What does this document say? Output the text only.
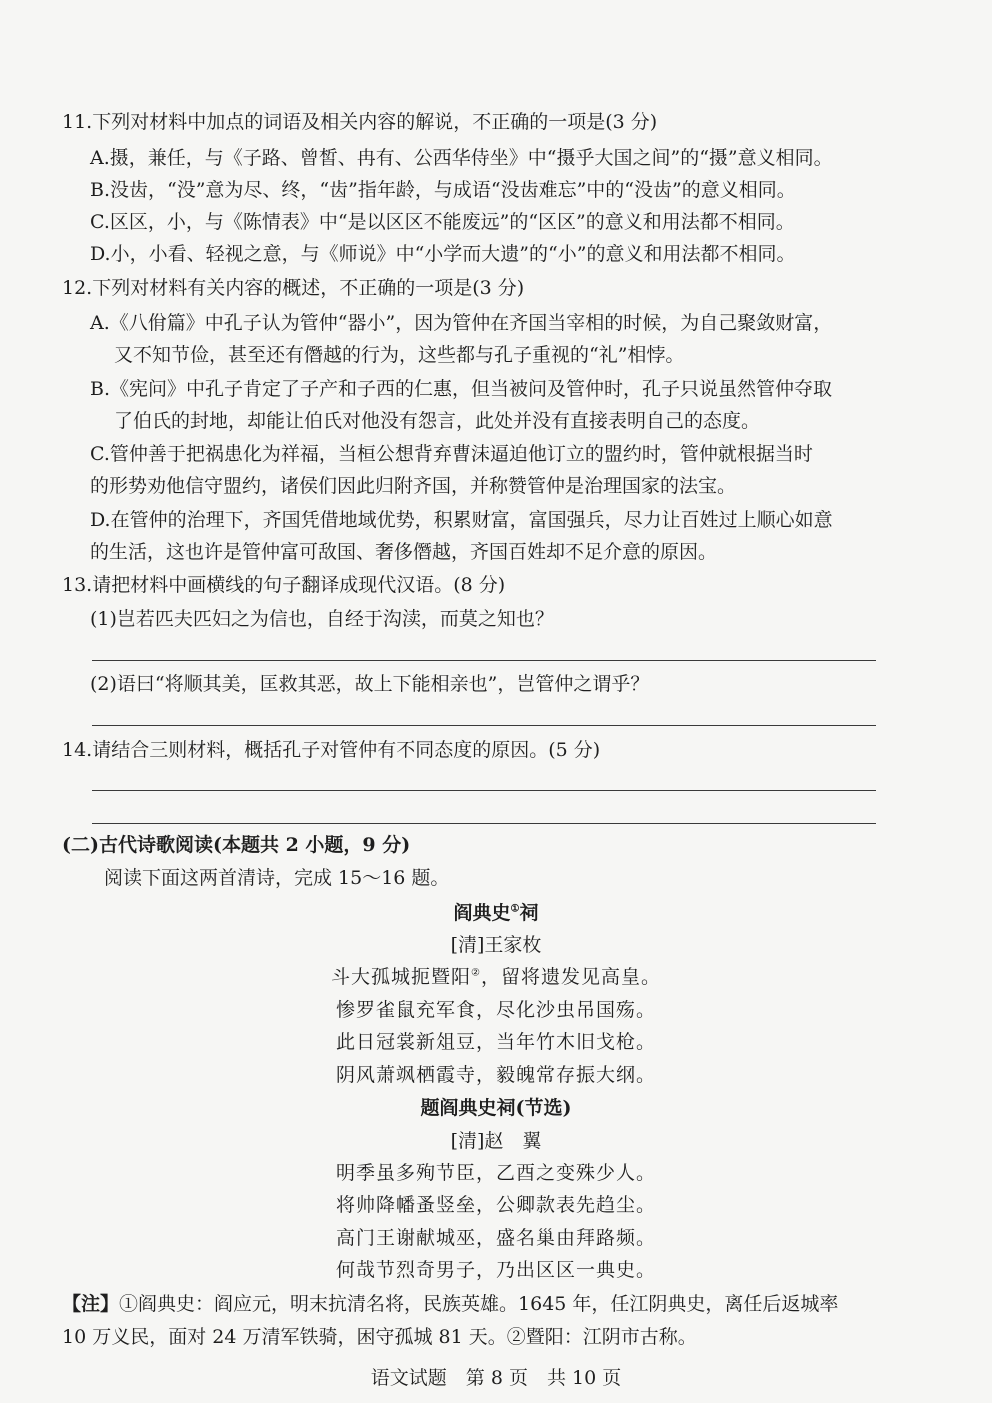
11.下列对材料中加点的词语及相关内容的解说，不正确的一项是(3 分)
A.摄，兼任，与《子路、曾皙、冉有、公西华侍坐》中“摄乎大国之间”的“摄”意义相同。
B.没齿，“没”意为尽、终，“齿”指年龄，与成语“没齿难忘”中的“没齿”的意义相同。
C.区区，小，与《陈情表》中“是以区区不能废远”的“区区”的意义和用法都不相同。
D.小，小看、轻视之意，与《师说》中“小学而大遗”的“小”的意义和用法都不相同。
12.下列对材料有关内容的概述，不正确的一项是(3 分)
A.《八佾篇》中孔子认为管仲“器小”，因为管仲在齐国当宰相的时候，为自己聚敛财富，
又不知节俭，甚至还有僭越的行为，这些都与孔子重视的“礼”相悖。
B.《宪问》中孔子肯定了子产和子西的仁惠，但当被问及管仲时，孔子只说虽然管仲夺取
了伯氏的封地，却能让伯氏对他没有怨言，此处并没有直接表明自己的态度。
C.管仲善于把祸患化为祥福，当桓公想背弃曹沫逼迫他订立的盟约时，管仲就根据当时
的形势劝他信守盟约，诸侯们因此归附齐国，并称赞管仲是治理国家的法宝。
D.在管仲的治理下，齐国凭借地域优势，积累财富，富国强兵，尽力让百姓过上顺心如意
的生活，这也许是管仲富可敌国、奢侈僭越，齐国百姓却不足介意的原因。
13.请把材料中画横线的句子翻译成现代汉语。(8 分)
(1)岂若匹夫匹妇之为信也，自经于沟渎，而莫之知也？
(2)语曰“将顺其美，匡救其恶，故上下能相亲也”，岂管仲之谓乎？
14.请结合三则材料，概括孔子对管仲有不同态度的原因。(5 分)
(二)古代诗歌阅读(本题共 2 小题，9 分)
阅读下面这两首清诗，完成 15～16 题。
阎典史①祠
[清]王家枚
斗大孤城扼暨阳②，留将遗发见高皇。
惨罗雀鼠充军食，尽化沙虫吊国殇。
此日冠裳新俎豆，当年竹木旧戈枪。
阴风萧飒栖霞寺，毅魄常存振大纲。
题阎典史祠(节选)
[清]赵　翼
明季虽多殉节臣，乙酉之变殊少人。
将帅降幡蚤竖垒，公卿款表先趋尘。
高门王谢献城巫，盛名巢由拜路频。
何哉节烈奇男子，乃出区区一典史。
【注】①阎典史：阎应元，明末抗清名将，民族英雄。1645 年，任江阴典史，离任后返城率
10 万义民，面对 24 万清军铁骑，困守孤城 81 天。②暨阳：江阴市古称。
语文试题　第 8 页　共 10 页
